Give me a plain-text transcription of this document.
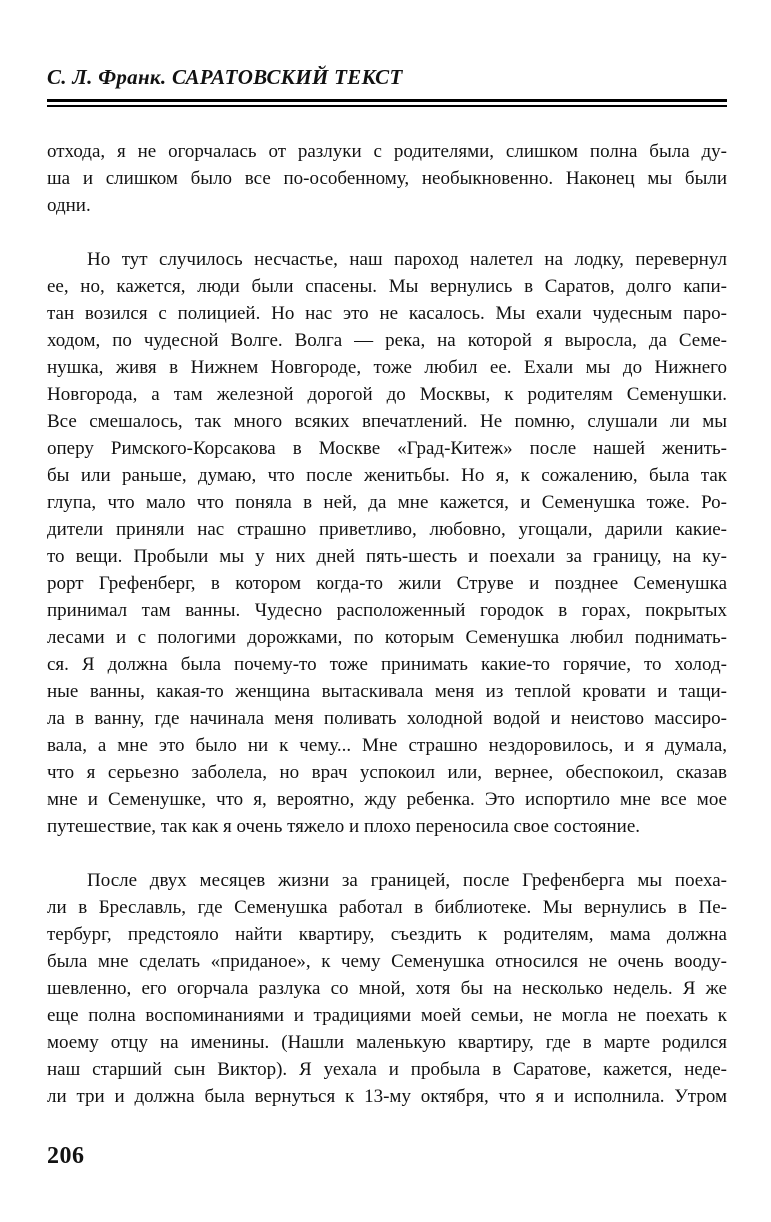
С. Л. Франк. САРАТОВСКИЙ ТЕКСТ
отхода, я не огорчалась от разлуки с родителями, слишком полна была ду-
ша и слишком было все по-особенному, необыкновенно. Наконец мы были
одни.
Но тут случилось несчастье, наш пароход налетел на лодку, перевернул
ее, но, кажется, люди были спасены. Мы вернулись в Саратов, долго капи-
тан возился с полицией. Но нас это не касалось. Мы ехали чудесным паро-
ходом, по чудесной Волге. Волга — река, на которой я выросла, да Семе-
нушка, живя в Нижнем Новгороде, тоже любил ее. Ехали мы до Нижнего
Новгорода, а там железной дорогой до Москвы, к родителям Семенушки.
Все смешалось, так много всяких впечатлений. Не помню, слушали ли мы
оперу Римского-Корсакова в Москве «Град-Китеж» после нашей женить-
бы или раньше, думаю, что после женитьбы. Но я, к сожалению, была так
глупа, что мало что поняла в ней, да мне кажется, и Семенушка тоже. Ро-
дители приняли нас страшно приветливо, любовно, угощали, дарили какие-
то вещи. Пробыли мы у них дней пять-шесть и поехали за границу, на ку-
рорт Грефенберг, в котором когда-то жили Струве и позднее Семенушка
принимал там ванны. Чудесно расположенный городок в горах, покрытых
лесами и с пологими дорожками, по которым Семенушка любил поднимать-
ся. Я должна была почему-то тоже принимать какие-то горячие, то холод-
ные ванны, какая-то женщина вытаскивала меня из теплой кровати и тащи-
ла в ванну, где начинала меня поливать холодной водой и неистово массиро-
вала, а мне это было ни к чему... Мне страшно нездоровилось, и я думала,
что я серьезно заболела, но врач успокоил или, вернее, обеспокоил, сказав
мне и Семенушке, что я, вероятно, жду ребенка. Это испортило мне все мое
путешествие, так как я очень тяжело и плохо переносила свое состояние.
После двух месяцев жизни за границей, после Грефенберга мы поеха-
ли в Бреславль, где Семенушка работал в библиотеке. Мы вернулись в Пе-
тербург, предстояло найти квартиру, съездить к родителям, мама должна
была мне сделать «приданое», к чему Семенушка относился не очень вооду-
шевленно, его огорчала разлука со мной, хотя бы на несколько недель. Я же
еще полна воспоминаниями и традициями моей семьи, не могла не поехать к
моему отцу на именины. (Нашли маленькую квартиру, где в марте родился
наш старший сын Виктор). Я уехала и пробыла в Саратове, кажется, неде-
ли три и должна была вернуться к 13-му октября, что я и исполнила. Утром
206
